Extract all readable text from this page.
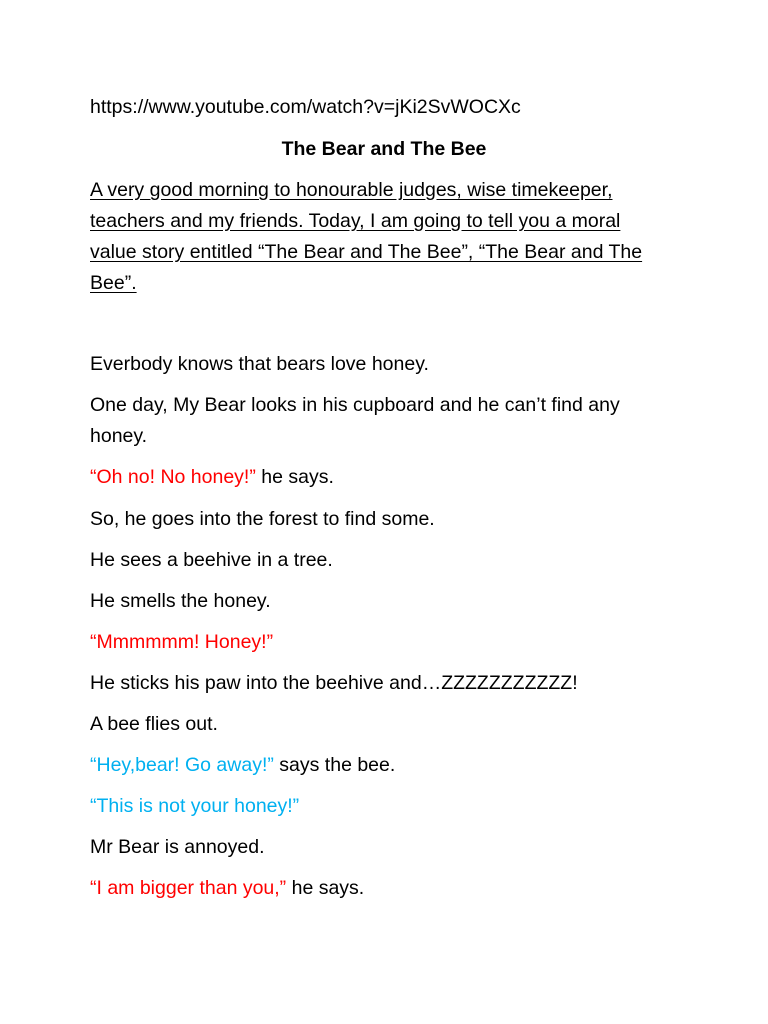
https://www.youtube.com/watch?v=jKi2SvWOCXc
The Bear and The Bee
A very good morning to honourable judges, wise timekeeper,
teachers and my friends. Today, I am going to tell you a moral
value story entitled “The Bear and The Bee”, “The Bear and The
Bee”.
Everbody knows that bears love honey.
One day, My Bear looks in his cupboard and he can’t find any
honey.
“Oh no! No honey!” he says.
So, he goes into the forest to find some.
He sees a beehive in a tree.
He smells the honey.
“Mmmmmm! Honey!”
He sticks his paw into the beehive and…ZZZZZZZZZZZ!
A bee flies out.
“Hey,bear! Go away!” says the bee.
“This is not your honey!”
Mr Bear is annoyed.
“I am bigger than you,” he says.
